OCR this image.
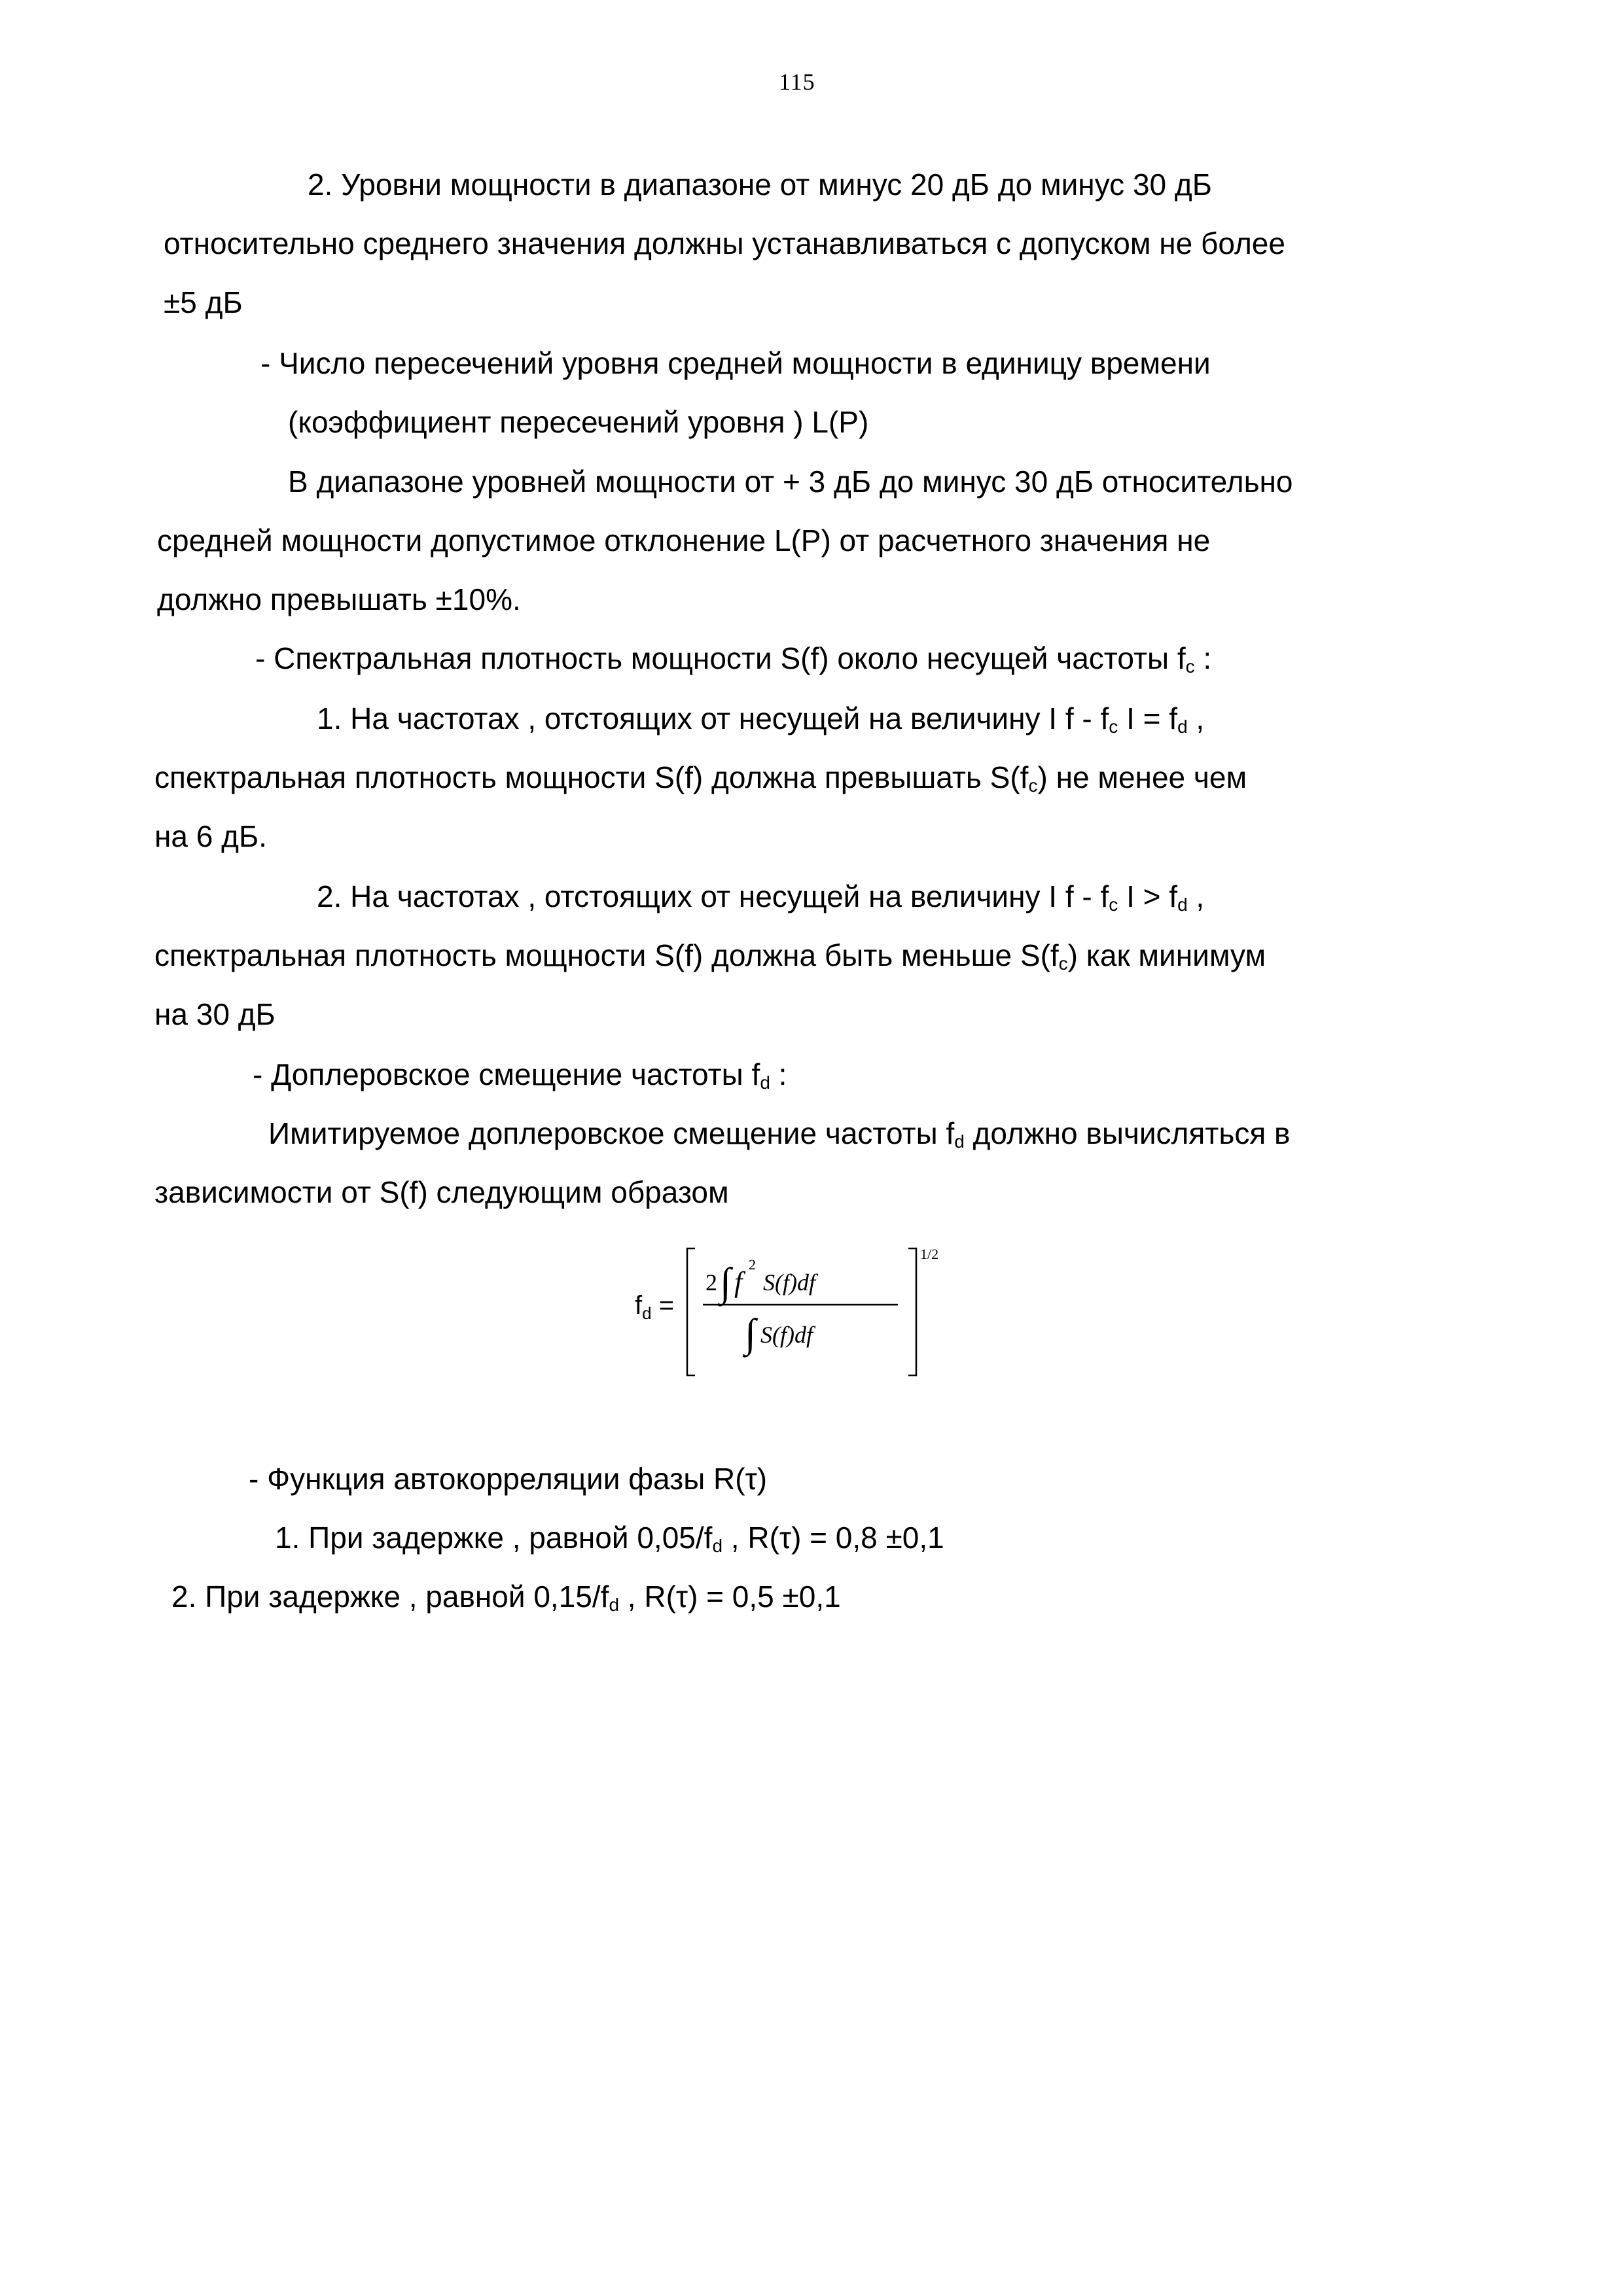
115
2. Уровни мощности в диапазоне от минус 20 дБ до минус 30 дБ
относительно среднего значения должны устанавливаться с допуском не более
±5 дБ
- Число пересечений уровня средней мощности в единицу времени
(коэффициент пересечений уровня ) L(P)
В диапазоне уровней мощности от + 3 дБ до минус 30 дБ относительно
средней мощности допустимое отклонение L(P) от расчетного значения не
должно превышать ±10%.
- Спектральная плотность мощности S(f) около несущей частоты $f_c$ :
1. На частотах , отстоящих от несущей на величину I f - $f_c$ $I = f_d$ ,
спектральная плотность мощности S(f) должна превышать $S(f_c)$ не менее чем
на 6 дБ.
2. На частотах , отстоящих от несущей на величину I f - $f_c$ $I > f_d$ ,
спектральная плотность мощности S(f) должна быть меньше $S(f_c)$ как минимум
на 30 дБ
- Доплеровское смещение частоты $f_d$ :
Имитируемое доплеровское смещение частоты $f_d$ должно вычисляться в
зависимости от S(f) следующим образом
$f_d$ =
2 ∫ f
2
S(f)df
∫ S(f)df
1/2
- Функция автокорреляции фазы R(τ)
1. При задержке , равной $0,05/f_d$ , R(τ) = 0,8 ±0,1
2. При задержке , равной $0,15/f_d$ , R(τ) = 0,5 ±0,1
